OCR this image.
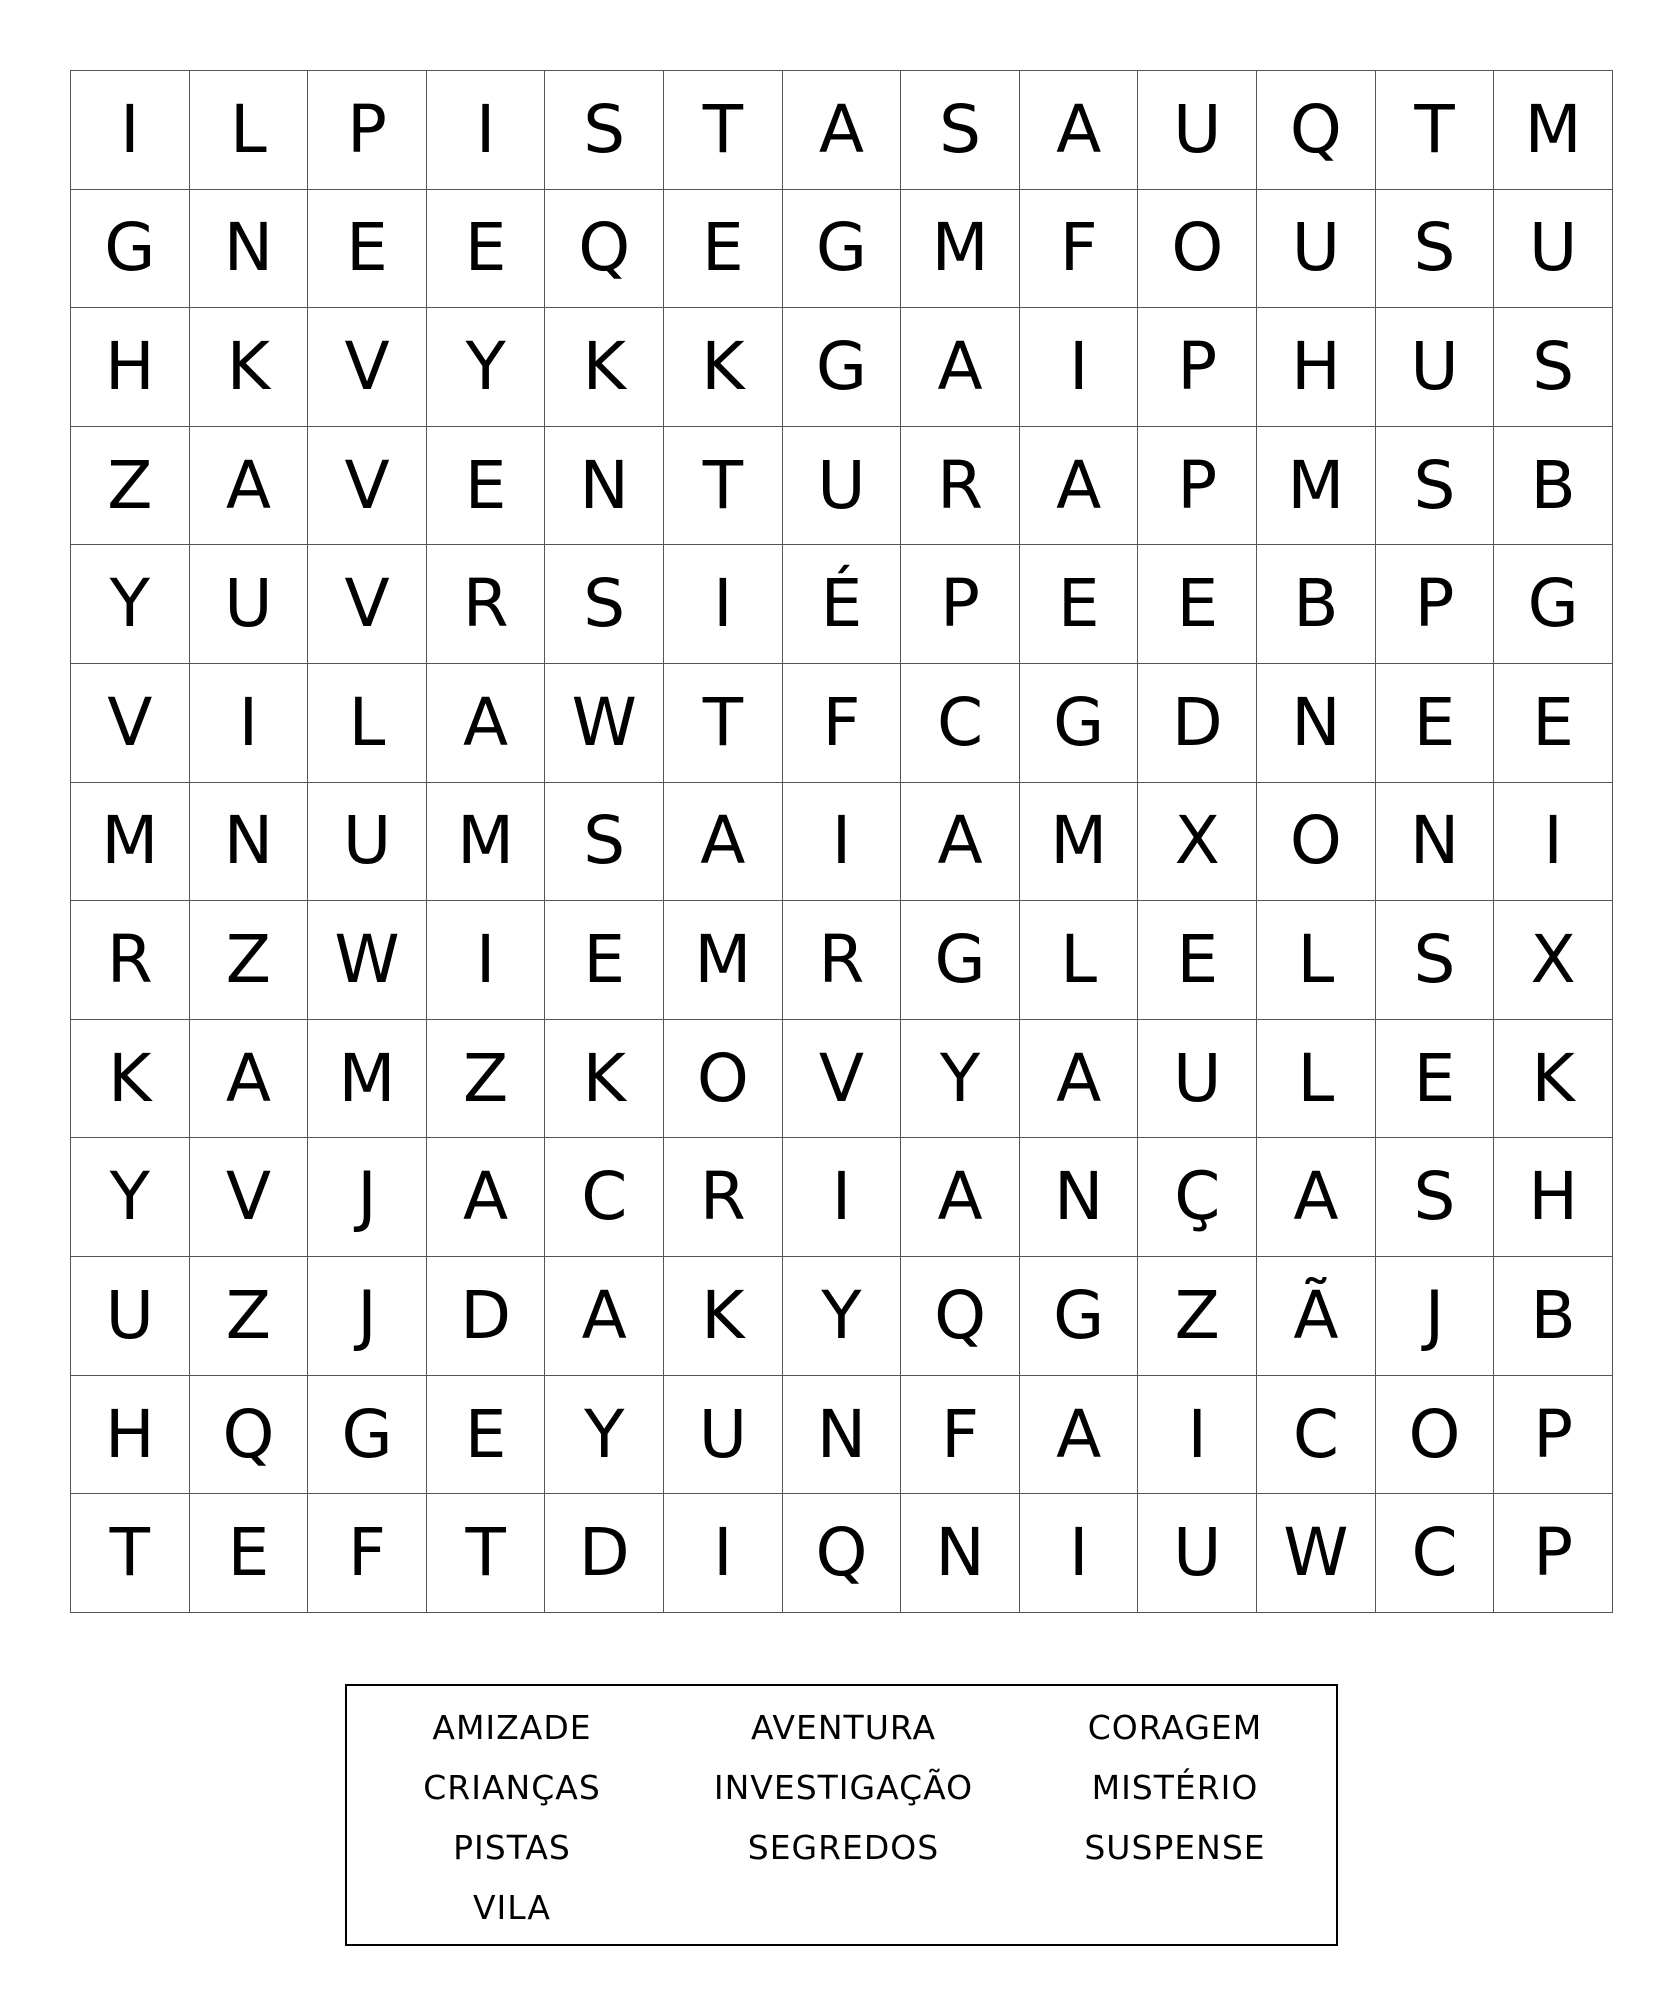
I	L	P	I	S	T	A	S	A	U	Q	T	M
G	N	E	E	Q	E	G	M	F	O	U	S	U
H	K	V	Y	K	K	G	A	I	P	H	U	S
Z	A	V	E	N	T	U	R	A	P	M	S	B
Y	U	V	R	S	I	É	P	E	E	B	P	G
V	I	L	A	W	T	F	C	G	D	N	E	E
M	N	U	M	S	A	I	A	M	X	O	N	I
R	Z	W	I	E	M	R	G	L	E	L	S	X
K	A	M	Z	K	O	V	Y	A	U	L	E	K
Y	V	J	A	C	R	I	A	N	Ç	A	S	H
U	Z	J	D	A	K	Y	Q	G	Z	Ã	J	B
H	Q	G	E	Y	U	N	F	A	I	C	O	P
T	E	F	T	D	I	Q	N	I	U	W	C	P
AMIZADE	AVENTURA	CORAGEM
CRIANÇAS	INVESTIGAÇÃO	MISTÉRIO
PISTAS	SEGREDOS	SUSPENSE
VILA
